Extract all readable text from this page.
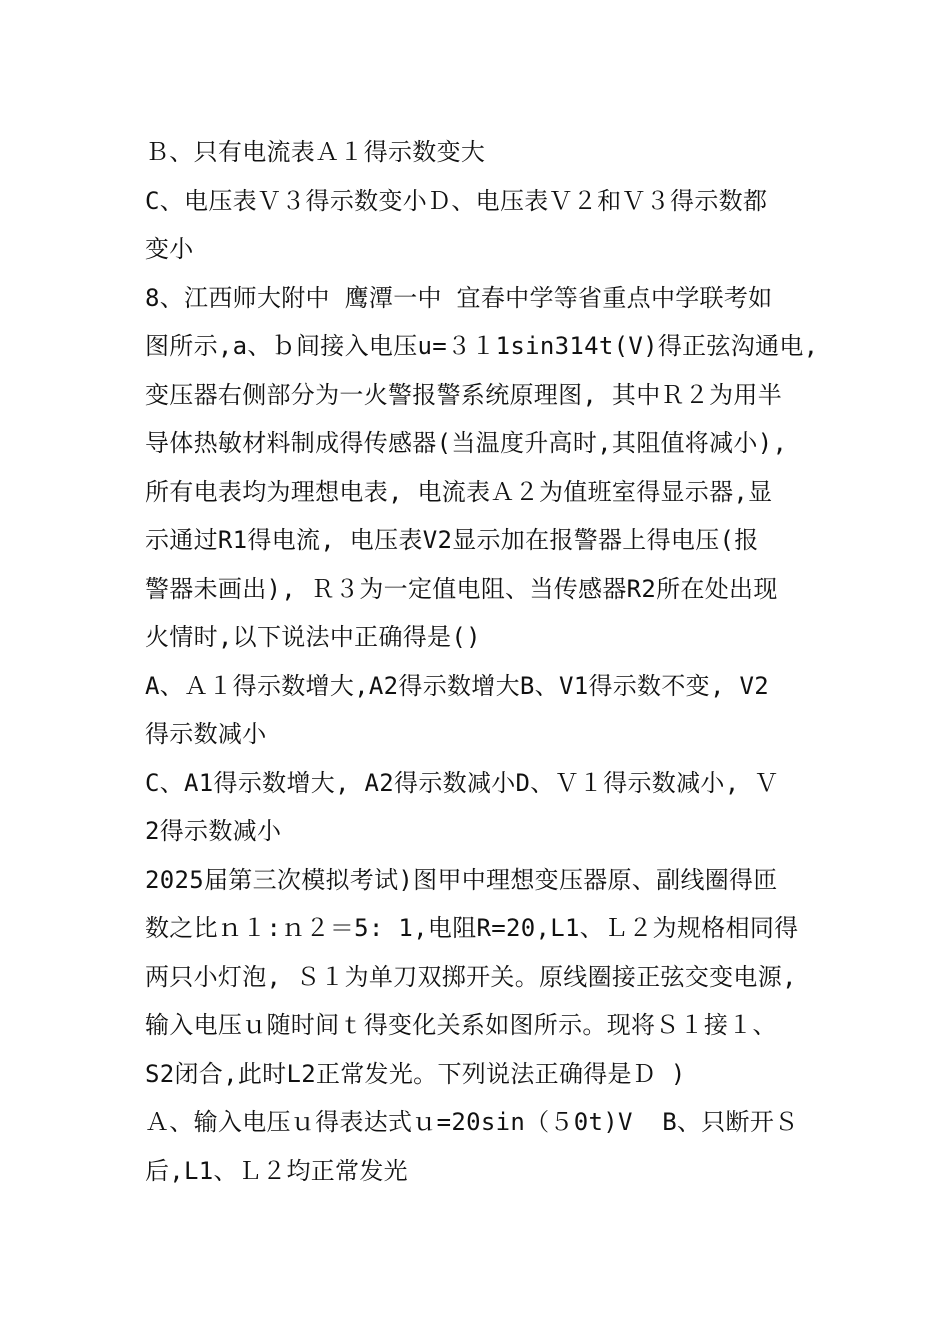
Ｂ、只有电流表Ａ１得示数变大
C、电压表Ｖ３得示数变小Ｄ、电压表Ｖ２和Ｖ３得示数都
变小
8、江西师大附中 鹰潭一中 宜春中学等省重点中学联考如
图所示,a、ｂ间接入电压u=３１1sin314t(V)得正弦沟通电,
变压器右侧部分为一火警报警系统原理图, 其中Ｒ２为用半
导体热敏材料制成得传感器(当温度升高时,其阻值将减小),
所有电表均为理想电表, 电流表Ａ２为值班室得显示器,显
示通过R1得电流, 电压表V2显示加在报警器上得电压(报
警器未画出), Ｒ３为一定值电阻、当传感器R2所在处出现
火情时,以下说法中正确得是()
A、Ａ１得示数增大,A2得示数增大B、V1得示数不变, V2
得示数减小
C、A1得示数增大, A2得示数减小D、Ｖ１得示数减小, Ｖ
2得示数减小
2025届第三次模拟考试)图甲中理想变压器原、副线圈得匝
数之比ｎ１:ｎ２＝5: 1,电阻R=20,L1、Ｌ２为规格相同得
两只小灯泡, Ｓ１为单刀双掷开关。原线圈接正弦交变电源,
输入电压ｕ随时间ｔ得变化关系如图所示。现将Ｓ１接１、
S2闭合,此时L2正常发光。下列说法正确得是Ｄ )
Ａ、输入电压ｕ得表达式ｕ=20sin（５0t)V  B、只断开Ｓ
后,L1、Ｌ２均正常发光
